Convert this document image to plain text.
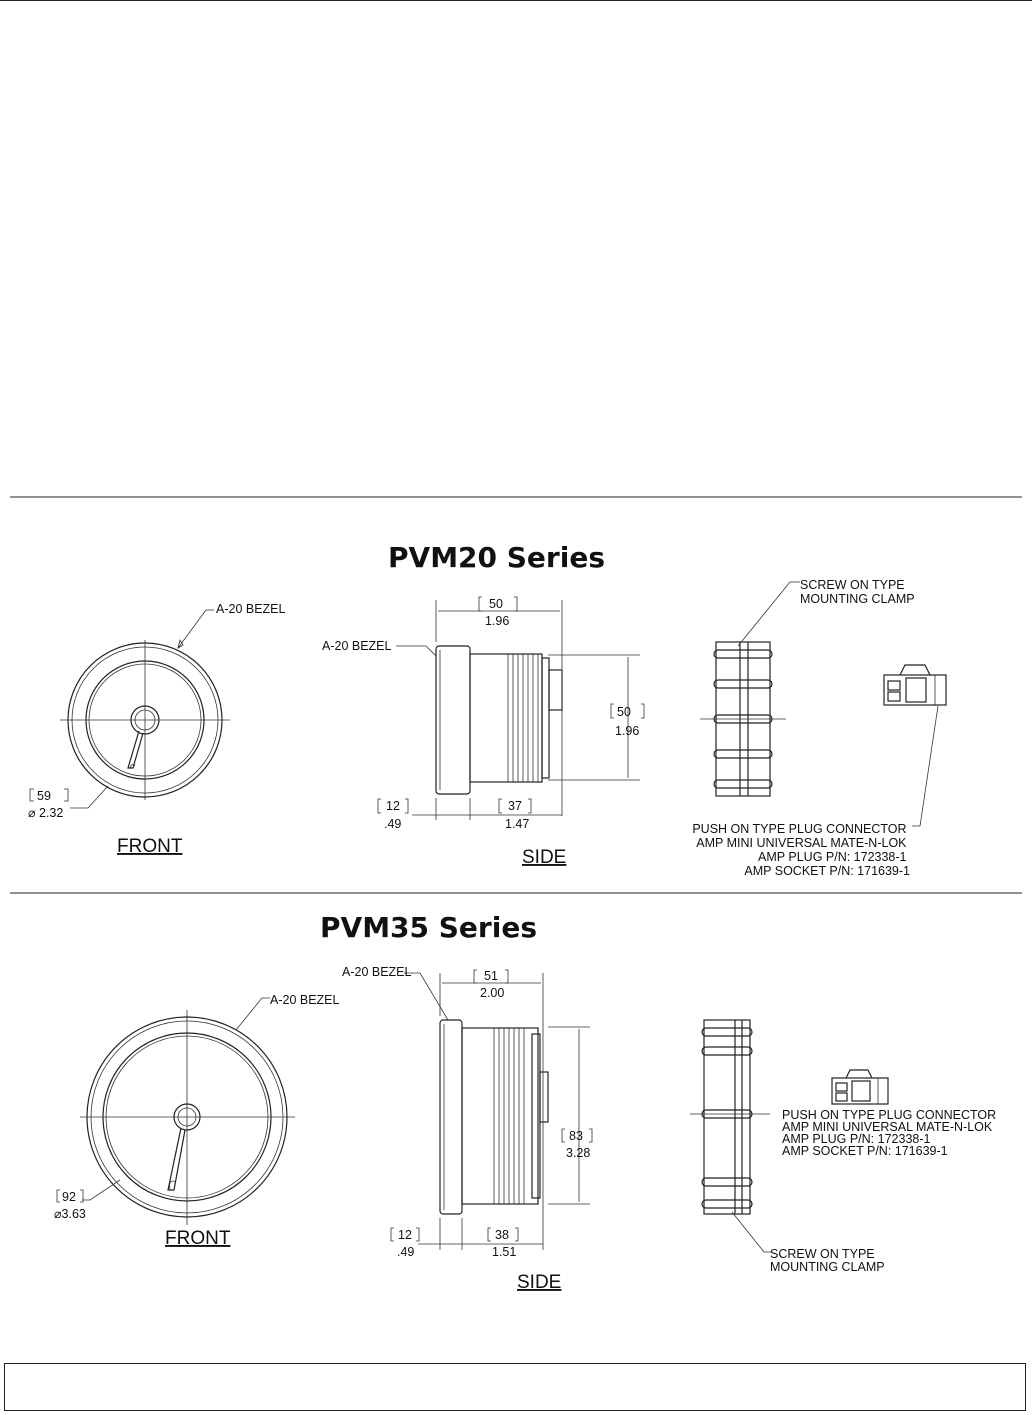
PVM20 Series
A-20 BEZEL
59
⌀ 2.32
FRONT
50
1.96
50
1.96
12
.49
37
1.47
A-20 BEZEL
SIDE
SCREW ON TYPE MOUNTING CLAMP
PUSH ON TYPE PLUG CONNECTOR AMP MINI UNIVERSAL MATE-N-LOK AMP PLUG P/N: 172338-1 AMP SOCKET P/N: 171639-1
PVM35 Series
A-20 BEZEL
92
⌀3.63
FRONT
51
2.00
83
3.28
12
.49
38
1.51
A-20 BEZEL
SIDE
SCREW ON TYPE MOUNTING CLAMP
PUSH ON TYPE PLUG CONNECTOR AMP MINI UNIVERSAL MATE-N-LOK AMP PLUG P/N: 172338-1 AMP SOCKET P/N: 171639-1
